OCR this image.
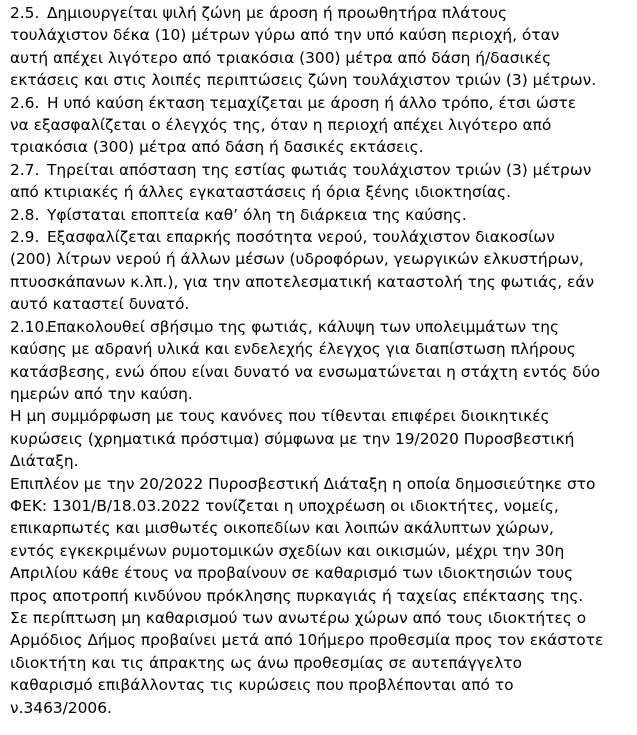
2.5. Δημιουργείται ψιλή ζώνη με άροση ή προωθητήρα πλάτους
τουλάχιστον δέκα (10) μέτρων γύρω από την υπό καύση περιοχή, όταν
αυτή απέχει λιγότερο από τριακόσια (300) μέτρα από δάση ή/δασικές
εκτάσεις και στις λοιπές περιπτώσεις ζώνη τουλάχιστον τριών (3) μέτρων.
2.6. Η υπό καύση έκταση τεμαχίζεται με άροση ή άλλο τρόπο, έτσι ώστε
να εξασφαλίζεται ο έλεγχός της, όταν η περιοχή απέχει λιγότερο από
τριακόσια (300) μέτρα από δάση ή δασικές εκτάσεις.
2.7. Τηρείται απόσταση της εστίας φωτιάς τουλάχιστον τριών (3) μέτρων
από κτιριακές ή άλλες εγκαταστάσεις ή όρια ξένης ιδιοκτησίας.
2.8. Υφίσταται εποπτεία καθ’ όλη τη διάρκεια της καύσης.
2.9. Εξασφαλίζεται επαρκής ποσότητα νερού, τουλάχιστον διακοσίων
(200) λίτρων νερού ή άλλων μέσων (υδροφόρων, γεωργικών ελκυστήρων,
πτυοσκάπανων κ.λπ.), για την αποτελεσματική καταστολή της φωτιάς, εάν
αυτό καταστεί δυνατό.
2.10.Επακολουθεί σβήσιμο της φωτιάς, κάλυψη των υπολειμμάτων της
καύσης με αδρανή υλικά και ενδελεχής έλεγχος για διαπίστωση πλήρους
κατάσβεσης, ενώ όπου είναι δυνατό να ενσωματώνεται η στάχτη εντός δύο
ημερών από την καύση.
Η μη συμμόρφωση με τους κανόνες που τίθενται επιφέρει διοικητικές
κυρώσεις (χρηματικά πρόστιμα) σύμφωνα με την 19/2020 Πυροσβεστική
Διάταξη.
Επιπλέον με την 20/2022 Πυροσβεστική Διάταξη η οποία δημοσιεύτηκε στο
ΦΕΚ: 1301/Β/18.03.2022 τονίζεται η υποχρέωση οι ιδιοκτήτες, νομείς,
επικαρπωτές και μισθωτές οικοπεδίων και λοιπών ακάλυπτων χώρων,
εντός εγκεκριμένων ρυμοτομικών σχεδίων και οικισμών, μέχρι την 30η
Απριλίου κάθε έτους να προβαίνουν σε καθαρισμό των ιδιοκτησιών τους
προς αποτροπή κινδύνου πρόκλησης πυρκαγιάς ή ταχείας επέκτασης της.
Σε περίπτωση μη καθαρισμού των ανωτέρω χώρων από τους ιδιοκτήτες ο
Αρμόδιος Δήμος προβαίνει μετά από 10ήμερο προθεσμία προς τον εκάστοτε
ιδιοκτήτη και τις άπρακτης ως άνω προθεσμίας σε αυτεπάγγελτο
καθαρισμό επιβάλλοντας τις κυρώσεις που προβλέπονται από το
ν.3463/2006.
